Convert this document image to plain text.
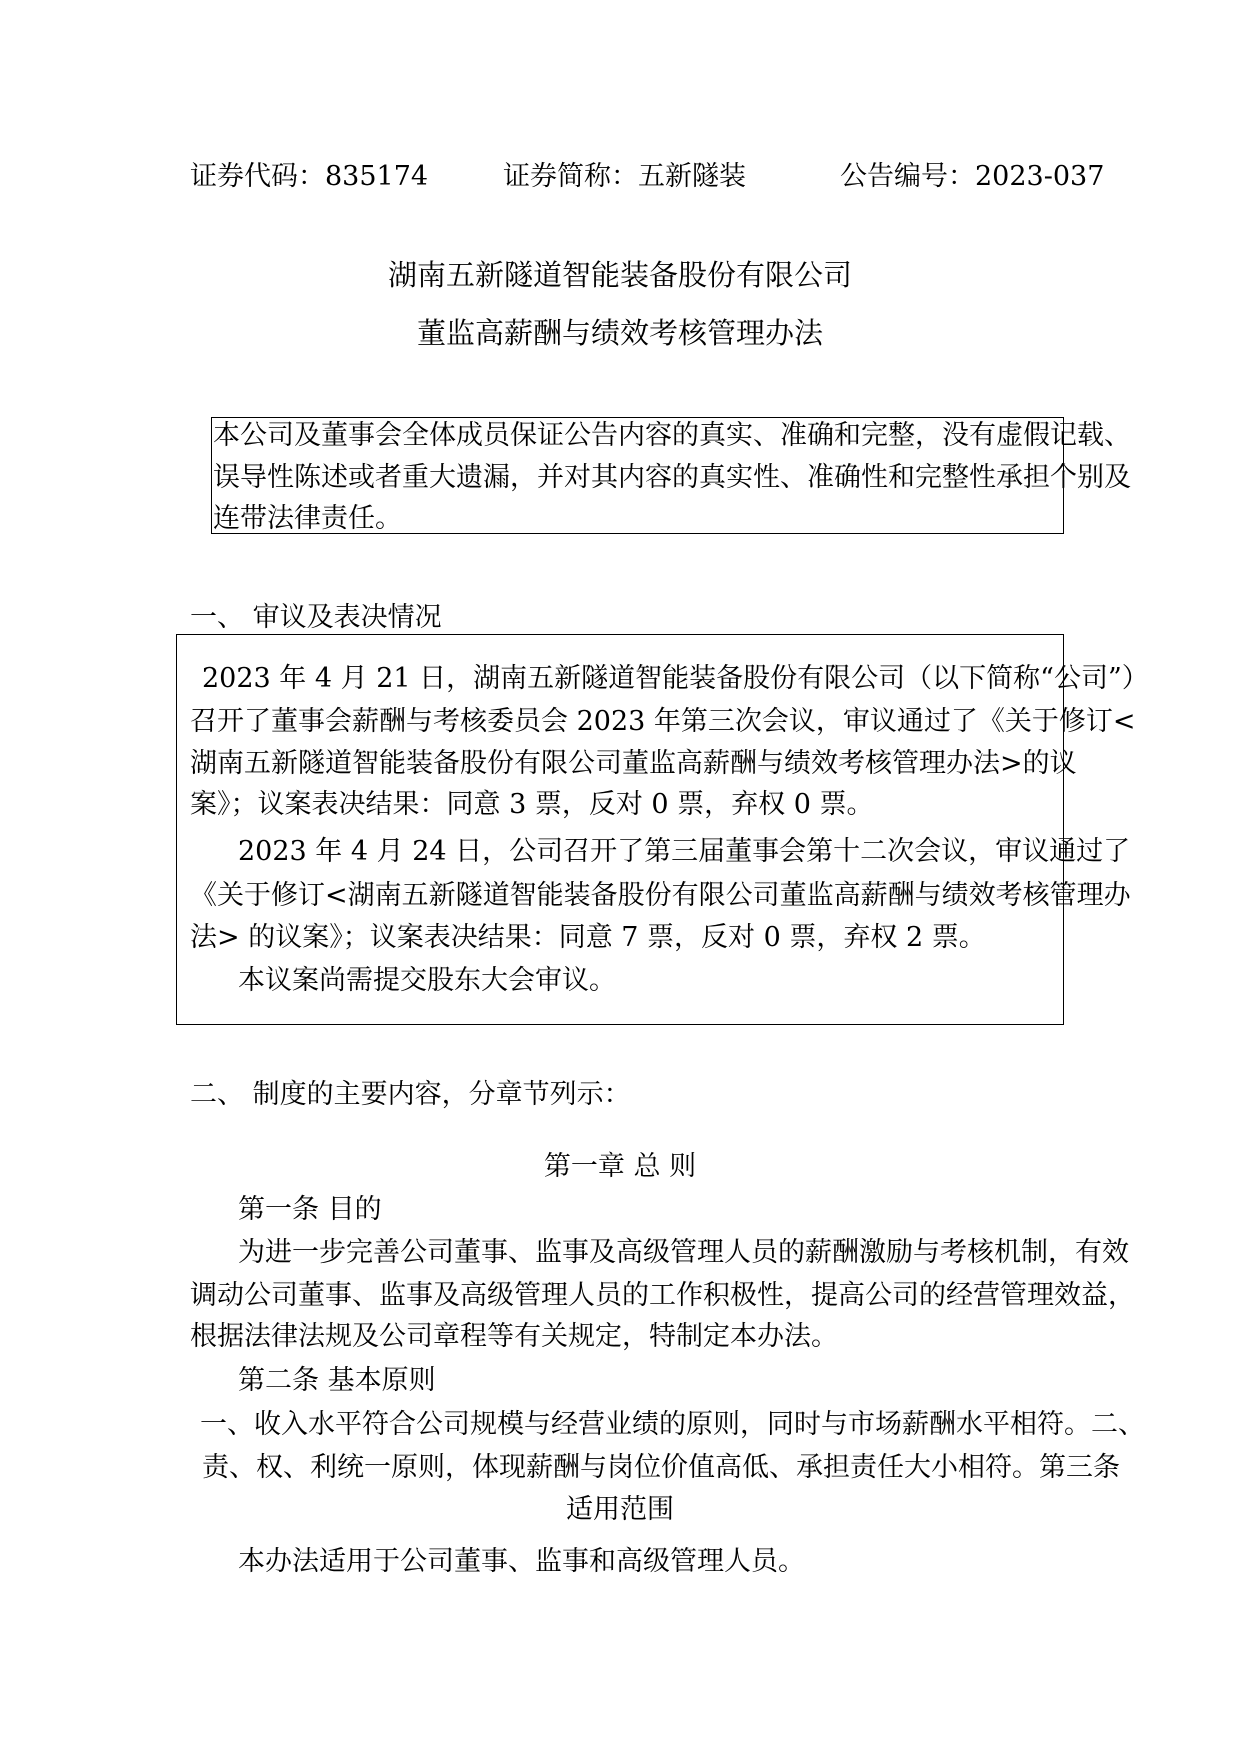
证券代码：835174	证券简称：五新隧装	公告编号：2023-037
湖南五新隧道智能装备股份有限公司
董监高薪酬与绩效考核管理办法
本公司及董事会全体成员保证公告内容的真实、准确和完整，没有虚假记载、
误导性陈述或者重大遗漏，并对其内容的真实性、准确性和完整性承担个别及
连带法律责任。
一、 审议及表决情况
2023 年 4 月 21 日，湖南五新隧道智能装备股份有限公司（以下简称“公司”）
召开了董事会薪酬与考核委员会 2023 年第三次会议，审议通过了《关于修订<
湖南五新隧道智能装备股份有限公司董监高薪酬与绩效考核管理办法>的议
案》；议案表决结果：同意 3 票，反对 0 票，弃权 0 票。
2023 年 4 月 24 日，公司召开了第三届董事会第十二次会议，审议通过了
《关于修订<湖南五新隧道智能装备股份有限公司董监高薪酬与绩效考核管理办
法> 的议案》；议案表决结果：同意 7 票，反对 0 票，弃权 2 票。
本议案尚需提交股东大会审议。
二、 制度的主要内容，分章节列示：
第一章 总 则
第一条 目的
为进一步完善公司董事、监事及高级管理人员的薪酬激励与考核机制，有效
调动公司董事、监事及高级管理人员的工作积极性，提高公司的经营管理效益，
根据法律法规及公司章程等有关规定，特制定本办法。
第二条 基本原则
一、收入水平符合公司规模与经营业绩的原则，同时与市场薪酬水平相符。二、
责、权、利统一原则，体现薪酬与岗位价值高低、承担责任大小相符。第三条
适用范围
本办法适用于公司董事、监事和高级管理人员。
